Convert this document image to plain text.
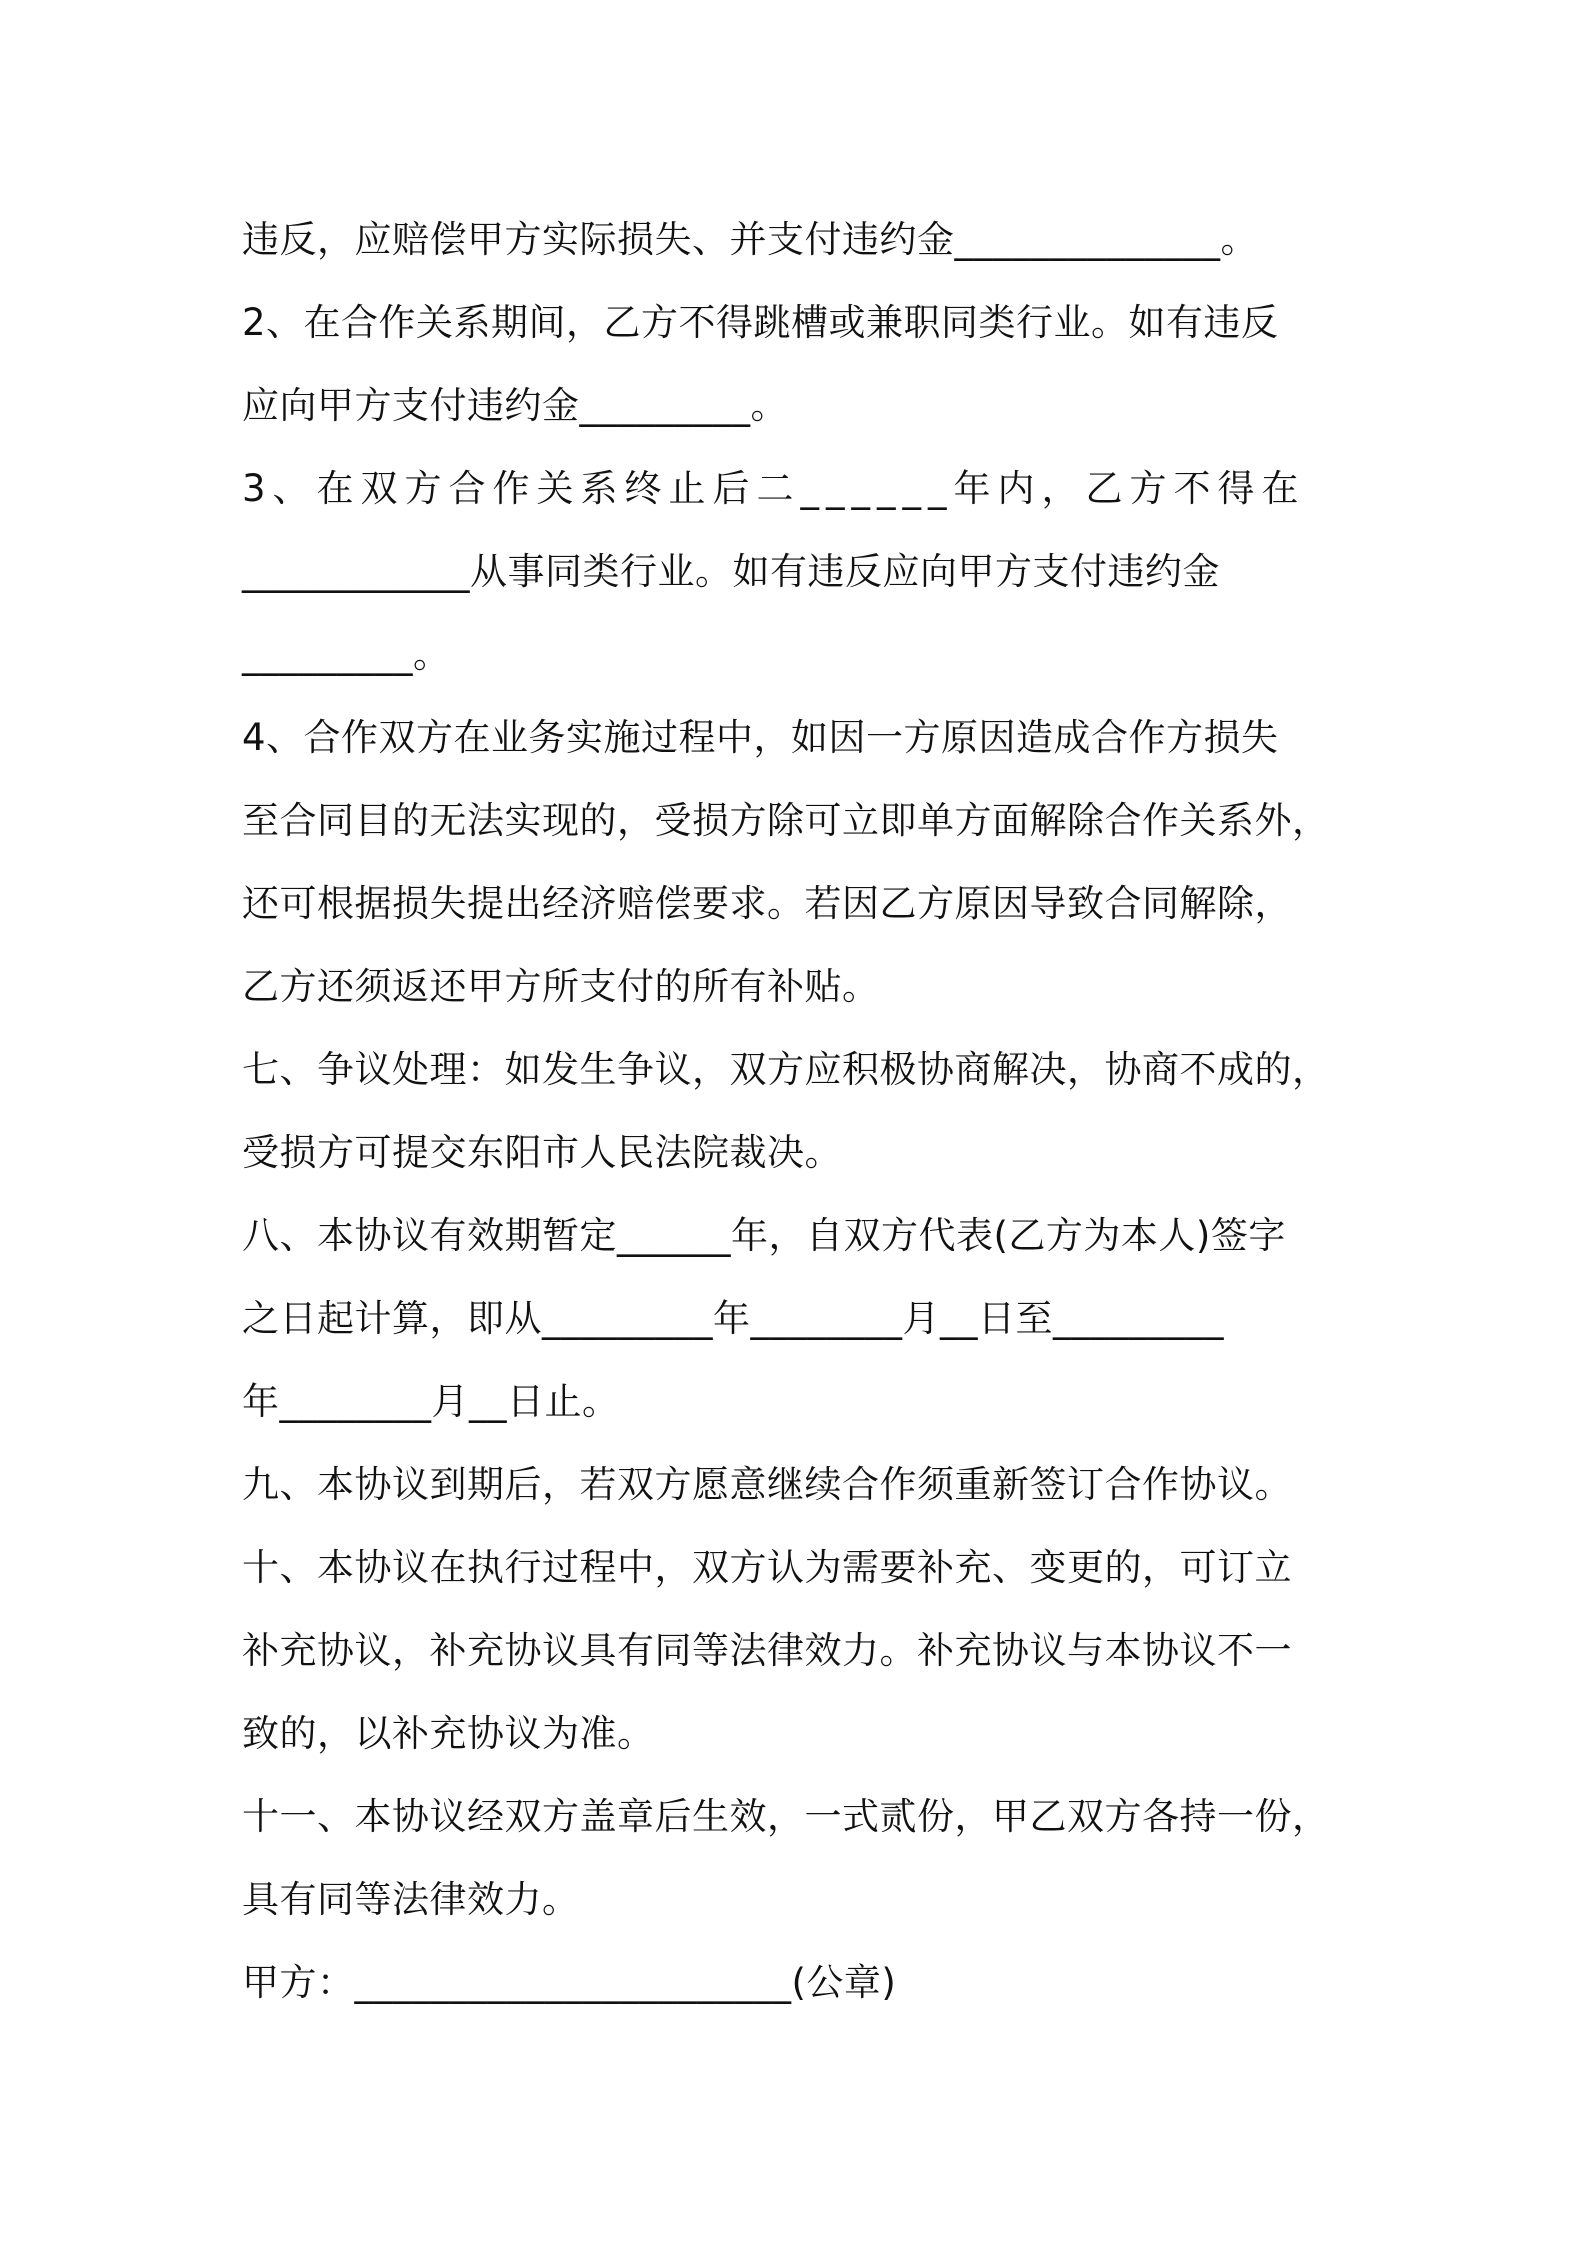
违反，应赔偿甲方实际损失、并支付违约金______________。
2、在合作关系期间，乙方不得跳槽或兼职同类行业。如有违反
应向甲方支付违约金_________。
3、在双方合作关系终止后二______年内，乙方不得在
____________从事同类行业。如有违反应向甲方支付违约金
_________。
4、合作双方在业务实施过程中，如因一方原因造成合作方损失
至合同目的无法实现的，受损方除可立即单方面解除合作关系外，
还可根据损失提出经济赔偿要求。若因乙方原因导致合同解除，
乙方还须返还甲方所支付的所有补贴。
七、争议处理：如发生争议，双方应积极协商解决，协商不成的，
受损方可提交东阳市人民法院裁决。
八、本协议有效期暂定______年，自双方代表(乙方为本人)签字
之日起计算，即从_________年________月__日至_________
年________月__日止。
九、本协议到期后，若双方愿意继续合作须重新签订合作协议。
十、本协议在执行过程中，双方认为需要补充、变更的，可订立
补充协议，补充协议具有同等法律效力。补充协议与本协议不一
致的，以补充协议为准。
十一、本协议经双方盖章后生效，一式贰份，甲乙双方各持一份，
具有同等法律效力。
甲方：_______________________(公章)
